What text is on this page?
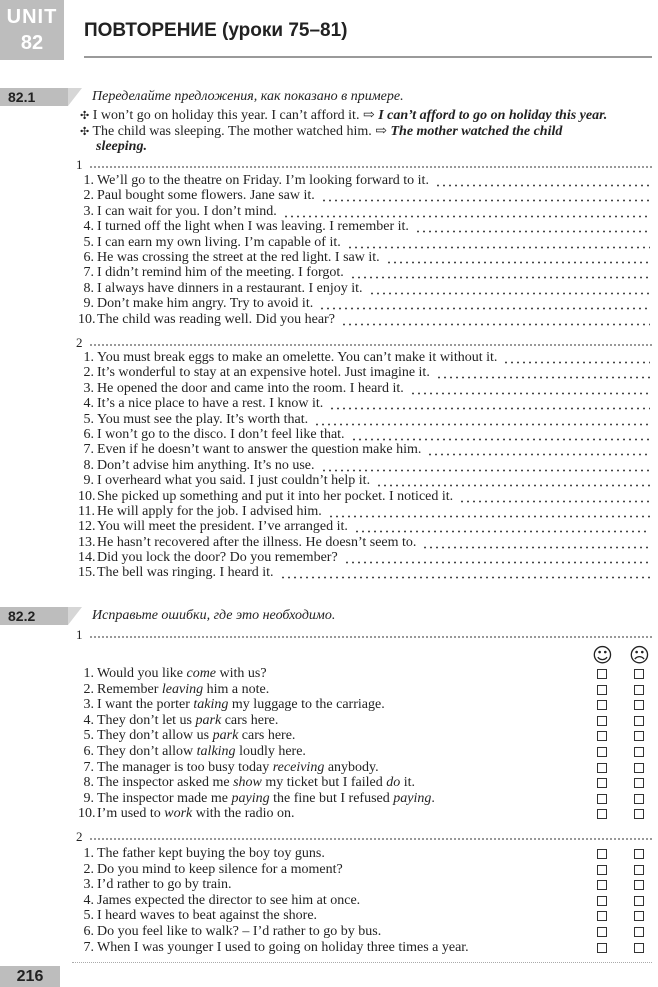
UNIT
82
ПОВТОРЕНИЕ (уроки 75–81)
82.1	Переделайте предложения, как показано в примере.
✣ I won’t go on holiday this year. I can’t afford it. ⇨ I can’t afford to go on holiday this year.
✣ The child was sleeping. The mother watched him. ⇨ The mother watched the child
sleeping.
1
1. We’ll go to the theatre on Friday. I’m looking forward to it.
2. Paul bought some flowers. Jane saw it.
3. I can wait for you. I don’t mind.
4. I turned off the light when I was leaving. I remember it.
5. I can earn my own living. I’m capable of it.
6. He was crossing the street at the red light. I saw it.
7. I didn’t remind him of the meeting. I forgot.
8. I always have dinners in a restaurant. I enjoy it.
9. Don’t make him angry. Try to avoid it.
10. The child was reading well. Did you hear?
2
1. You must break eggs to make an omelette. You can’t make it without it.
2. It’s wonderful to stay at an expensive hotel. Just imagine it.
3. He opened the door and came into the room. I heard it.
4. It’s a nice place to have a rest. I know it.
5. You must see the play. It’s worth that.
6. I won’t go to the disco. I don’t feel like that.
7. Even if he doesn’t want to answer the question make him.
8. Don’t advise him anything. It’s no use.
9. I overheard what you said. I just couldn’t help it.
10. She picked up something and put it into her pocket. I noticed it.
11. He will apply for the job. I advised him.
12. You will meet the president. I’ve arranged it.
13. He hasn’t recovered after the illness. He doesn’t seem to.
14. Did you lock the door? Do you remember?
15. The bell was ringing. I heard it.
82.2	Исправьте ошибки, где это необходимо.
1
☺ ☹
1. Would you like come with us?
2. Remember leaving him a note.
3. I want the porter taking my luggage to the carriage.
4. They don’t let us park cars here.
5. They don’t allow us park cars here.
6. They don’t allow talking loudly here.
7. The manager is too busy today receiving anybody.
8. The inspector asked me show my ticket but I failed do it.
9. The inspector made me paying the fine but I refused paying.
10. I’m used to work with the radio on.
2
1. The father kept buying the boy toy guns.
2. Do you mind to keep silence for a moment?
3. I’d rather to go by train.
4. James expected the director to see him at once.
5. I heard waves to beat against the shore.
6. Do you feel like to walk? – I’d rather to go by bus.
7. When I was younger I used to going on holiday three times a year.
216
